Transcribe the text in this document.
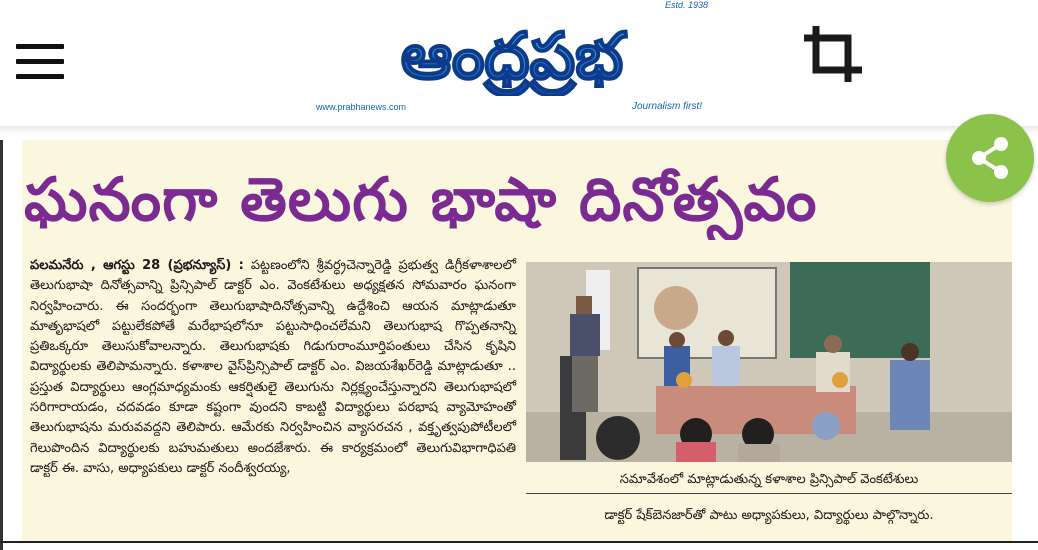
Estd. 1938
ఆంధ్రప్రభ
www.prabhanews.com	Journalism first!
ఘనంగా తెలుగు భాషా దినోత్సవం
పలమనేరు , ఆగస్టు 28 (ప్రభన్యూస్) : పట్టణంలోని శ్రీవర్ధ్రచెన్నారెడ్డి ప్రభుత్వ డిగ్రీకళాశాలలో తెలుగుభాషా దినోత్సవాన్ని ప్రిన్సిపాల్ డాక్టర్ ఎం. వెంకటేశులు అధ్యక్షతన సోమవారం ఘనంగా నిర్వహించారు. ఈ సందర్భంగా తెలుగుభాషాదినోత్సవాన్ని ఉద్దేశించి ఆయన మాట్లాడుతూ మాతృభాషలో పట్టులేకపోతే మరేభాషలోనూ పట్టుసాధించలేమని తెలుగుభాష గొప్పతనాన్ని ప్రతిఒక్కరూ తెలుసుకోవాలన్నారు. తెలుగుభాషకు గిడుగురాంమూర్తిపంతులు చేసిన కృషిని విద్యార్థులకు తెలిపామన్నారు. కళాశాల వైస్‌ప్రిన్సిపాల్ డాక్టర్ ఎం. విజయశేఖర్‌రెడ్డి మాట్లాడుతూ .. ప్రస్తుత విద్యార్థులు ఆంగ్లమాధ్యమంకు ఆకర్షితులై తెలుగును నిర్లక్ష్యంచేస్తున్నారని తెలుగుభాషలో సరిగారాయడం, చదవడం కూడా కష్టంగా వుందని కాబట్టి విద్యార్థులు పరభాష వ్యామోహంతో తెలుగుభాషను మరువవద్దని తెలిపారు. ఆమేరకు నిర్వహించిన వ్యాసరచన , వక్తృత్వపుపోటీలలో గెలుపొందిన విద్యార్థులకు బహుమతులు అందజేశారు. ఈ కార్యక్రమంలో తెలుగువిభాగాధిపతి డాక్టర్ ఈ. వాసు, అధ్యాపకులు డాక్టర్ నందీశ్వరయ్య,
సమావేశంలో మాట్లాడుతున్న కళాశాల ప్రిన్సిపాల్ వెంకటేశులు
డాక్టర్ షేక్‌బెనజార్‌తో పాటు అధ్యాపకులు, విద్యార్థులు పాల్గొన్నారు.
